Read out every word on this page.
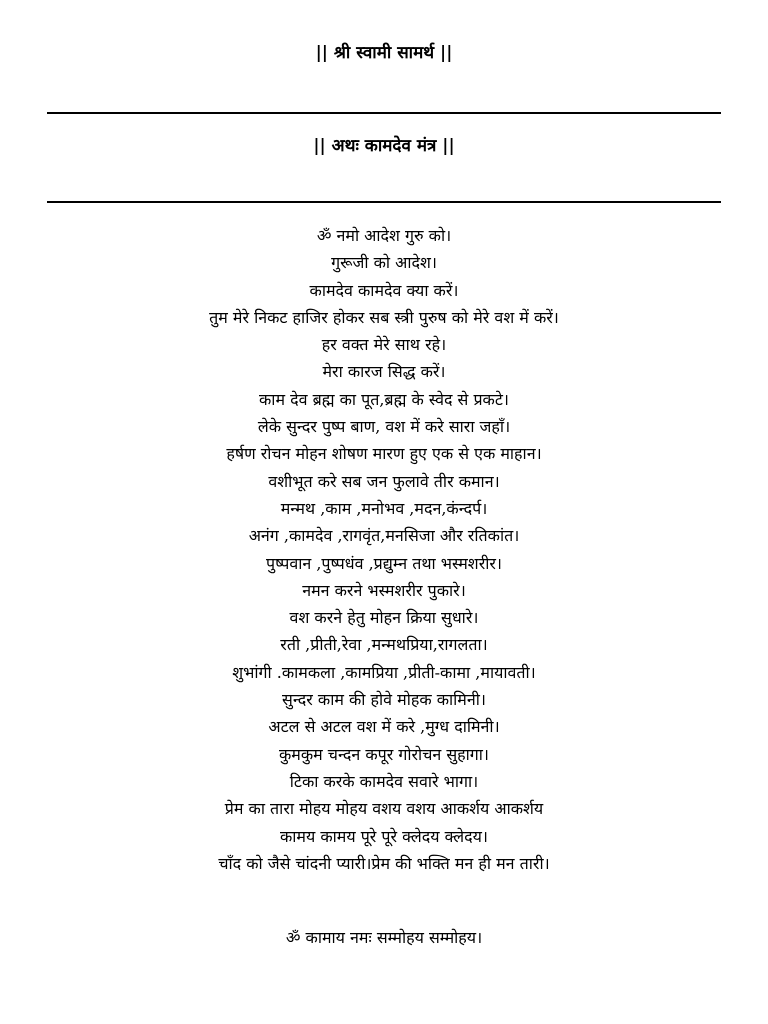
|| श्री स्वामी सामर्थ ||
|| अथः कामदेव मंत्र ||
ॐ नमो आदेश गुरु को।
गुरूजी को आदेश।
कामदेव कामदेव क्या करें।
तुम मेरे निकट हाजिर होकर सब स्त्री पुरुष को मेरे वश में करें।
हर वक्त मेरे साथ रहे।
मेरा कारज सिद्ध करें।
काम देव ब्रह्म का पूत,ब्रह्म के स्वेद से प्रकटे।
लेके सुन्दर पुष्प बाण, वश में करे सारा जहाँ।
हर्षण रोचन मोहन शोषण मारण हुए एक से एक माहान।
वशीभूत करे सब जन फुलावे तीर कमान।
मन्मथ ,काम ,मनोभव ,मदन,कंन्दर्प।
अनंग ,कामदेव ,रागवृंत,मनसिजा और रतिकांत।
पुष्पवान ,पुष्पधंव ,प्रद्युम्न तथा भस्मशरीर।
नमन करने भस्मशरीर पुकारे।
वश करने हेतु मोहन क्रिया सुधारे।
रती ,प्रीती,रेवा ,मन्मथप्रिया,रागलता।
शुभांगी .कामकला ,कामप्रिया ,प्रीती-कामा ,मायावती।
सुन्दर काम की होवे मोहक कामिनी।
अटल से अटल वश में करे ,मुग्ध दामिनी।
कुमकुम चन्दन कपूर गोरोचन सुहागा।
टिका करके कामदेव सवारे भागा।
प्रेम का तारा मोहय मोहय वशय वशय आकर्शय आकर्शय
कामय कामय पूरे पूरे क्लेदय क्लेदय।
चाँद को जैसे चांदनी प्यारी।प्रेम की भक्ति मन ही मन तारी।
ॐ कामाय नमः सम्मोहय सम्मोहय।
